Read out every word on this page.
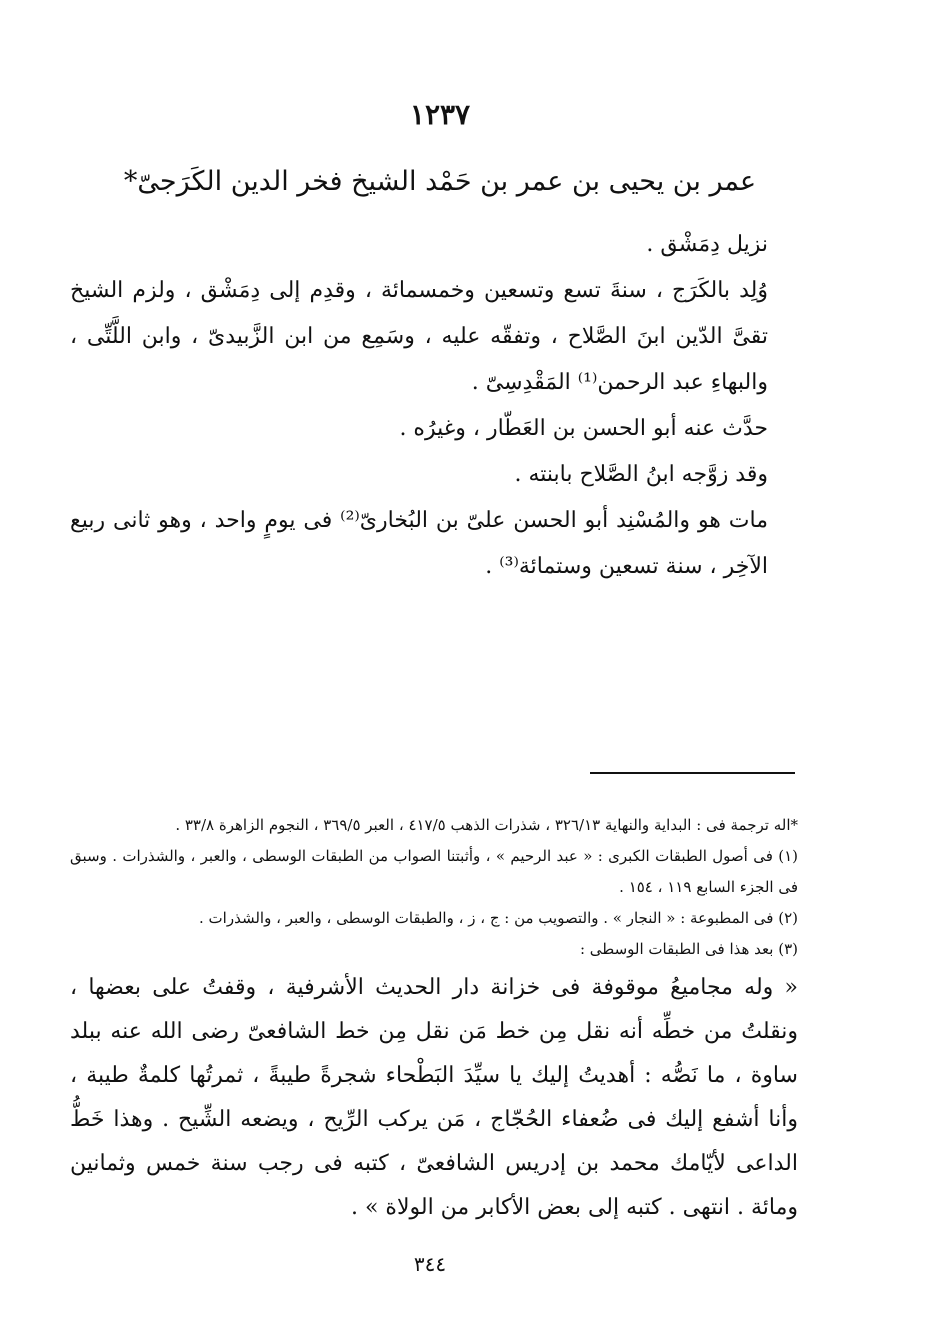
١٢٣٧
عمر بن يحيى بن عمر بن حَمْد الشيخ فخر الدين الكَرَجىّ*

نزيل دِمَشْق .

وُلِد بالكَرَج ، سنةَ تسع وتسعين وخمسمائة ، وقدِم إلى دِمَشْق ، ولزم الشيخ تقىَّ الدّين ابنَ الصَّلاح ، وتفقّه عليه ، وسَمِع من ابن الزَّبيدىّ ، وابن اللَّتِّى ، والبهاءِ عبد الرحمن⁽¹⁾ المَقْدِسِىّ .

حدَّث عنه أبو الحسن بن العَطّار ، وغيرُه .

وقد زوَّجه ابنُ الصَّلاح بابنته .

مات هو والمُسْنِد أبو الحسن علىّ بن البُخارىّ⁽²⁾ فى يومٍ واحد ، وهو ثانى ربيع الآخِر ، سنة تسعين وستمائة⁽³⁾ .

*اله ترجمة فى : البداية والنهاية ٣٢٦/١٣ ، شذرات الذهب ٤١٧/٥ ، العبر ٣٦٩/٥ ، النجوم الزاهرة ٣٣/٨ .

(١) فى أصول الطبقات الكبرى : « عبد الرحيم » ، وأثبتنا الصواب من الطبقات الوسطى ، والعبر ، والشذرات . وسبق فى الجزء السابع ١١٩ ، ١٥٤ .

(٢) فى المطبوعة : « النجار » . والتصويب من : ج ، ز ، والطبقات الوسطى ، والعبر ، والشذرات .

(٣) بعد هذا فى الطبقات الوسطى :

« وله مجاميعُ موقوفة فى خزانة دار الحديث الأشرفية ، وقفتُ على بعضها ، ونقلتُ من خطِّه أنه نقل مِن خط مَن نقل مِن خط الشافعىّ رضى الله عنه ببلد ساوة ، ما نَصُّه : أهديتُ إليك يا سيِّدَ البَطْحاء شجرةً طيبةً ، ثمرتُها كلمةٌ طيبة ، وأنا أشفع إليك فى ضُعفاء الحُجّاج ، مَن يركب الرِّيح ، ويضعه الشِّيح . وهذا خَطُّ الداعى لأيّامك محمد بن إدريس الشافعىّ ، كتبه فى رجب سنة خمس وثمانين ومائة . انتهى . كتبه إلى بعض الأكابر من الولاة » .

٣٤٤
